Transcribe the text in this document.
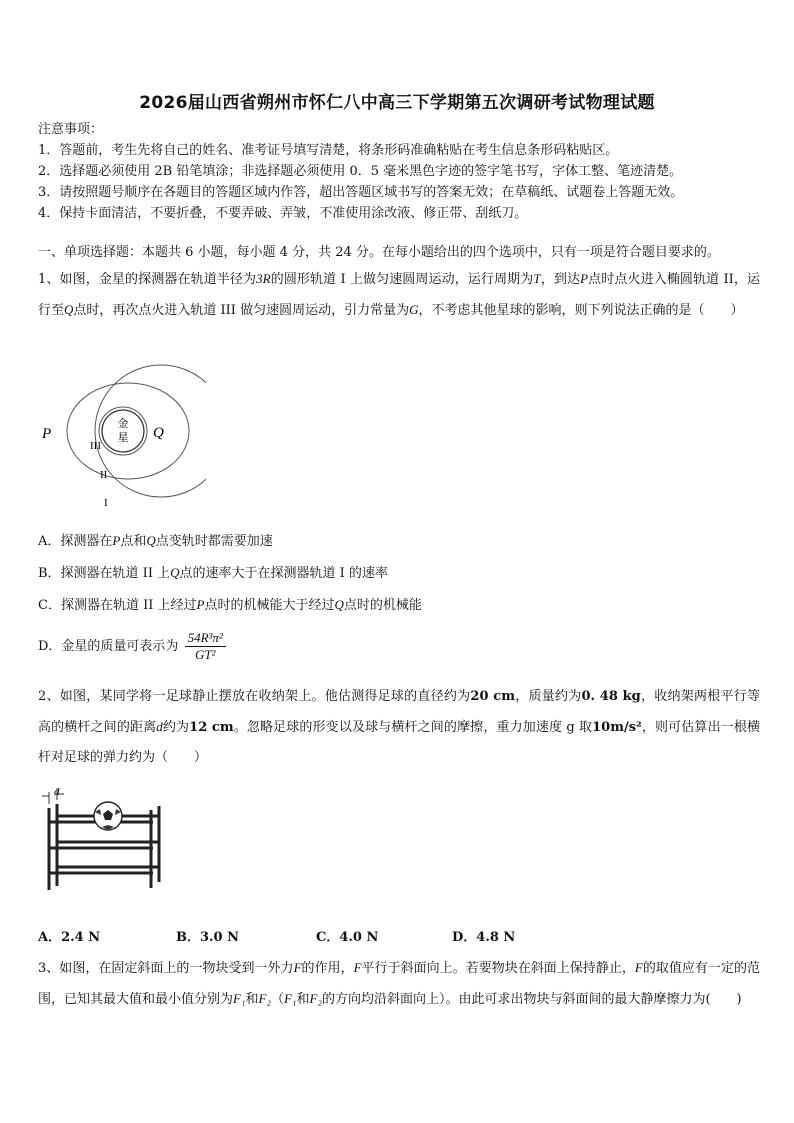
2026届山西省朔州市怀仁八中高三下学期第五次调研考试物理试题
注意事项：
1．答题前，考生先将自己的姓名、准考证号填写清楚，将条形码准确粘贴在考生信息条形码粘贴区。
2．选择题必须使用 2B 铅笔填涂；非选择题必须使用 0．5 毫米黑色字迹的签字笔书写，字体工整、笔迹清楚。
3．请按照题号顺序在各题目的答题区域内作答，超出答题区域书写的答案无效；在草稿纸、试题卷上答题无效。
4．保持卡面清洁，不要折叠，不要弄破、弄皱，不准使用涂改液、修正带、刮纸刀。
一、单项选择题：本题共 6 小题，每小题 4 分，共 24 分。在每小题给出的四个选项中，只有一项是符合题目要求的。
1、如图，金星的探测器在轨道半径为3R的圆形轨道 I 上做匀速圆周运动，运行周期为T，到达P点时点火进入椭圆轨道 II，运行至Q点时，再次点火进入轨道 III 做匀速圆周运动，引力常量为G，不考虑其他星球的影响，则下列说法正确的是（　　）
金
星
P	Q
III
II
I
A．探测器在P点和Q点变轨时都需要加速
B．探测器在轨道 II 上Q点的速率大于在探测器轨道 I 的速率
C．探测器在轨道 II 上经过P点时的机械能大于经过Q点时的机械能
D．金星的质量可表示为 $\frac{\text{54R³π²}}{\text{GT²}}$
2、如图，某同学将一足球静止摆放在收纳架上。他估测得足球的直径约为20 cm，质量约为0. 48 kg，收纳架两根平行等高的横杆之间的距离d约为12 cm。忽略足球的形变以及球与横杆之间的摩擦，重力加速度 g 取10m/s²，则可估算出一根横杆对足球的弹力约为（　　）
d
A．2.4 N	B．3.0 N	C．4.0 N	D．4.8 N
3、如图，在固定斜面上的一物块受到一外力F的作用，F平行于斜面向上。若要物块在斜面上保持静止，F的取值应有一定的范围，已知其最大值和最小值分别为F₁和F₂（F₁和F₂的方向均沿斜面向上）。由此可求出物块与斜面间的最大静摩擦力为(　　)
